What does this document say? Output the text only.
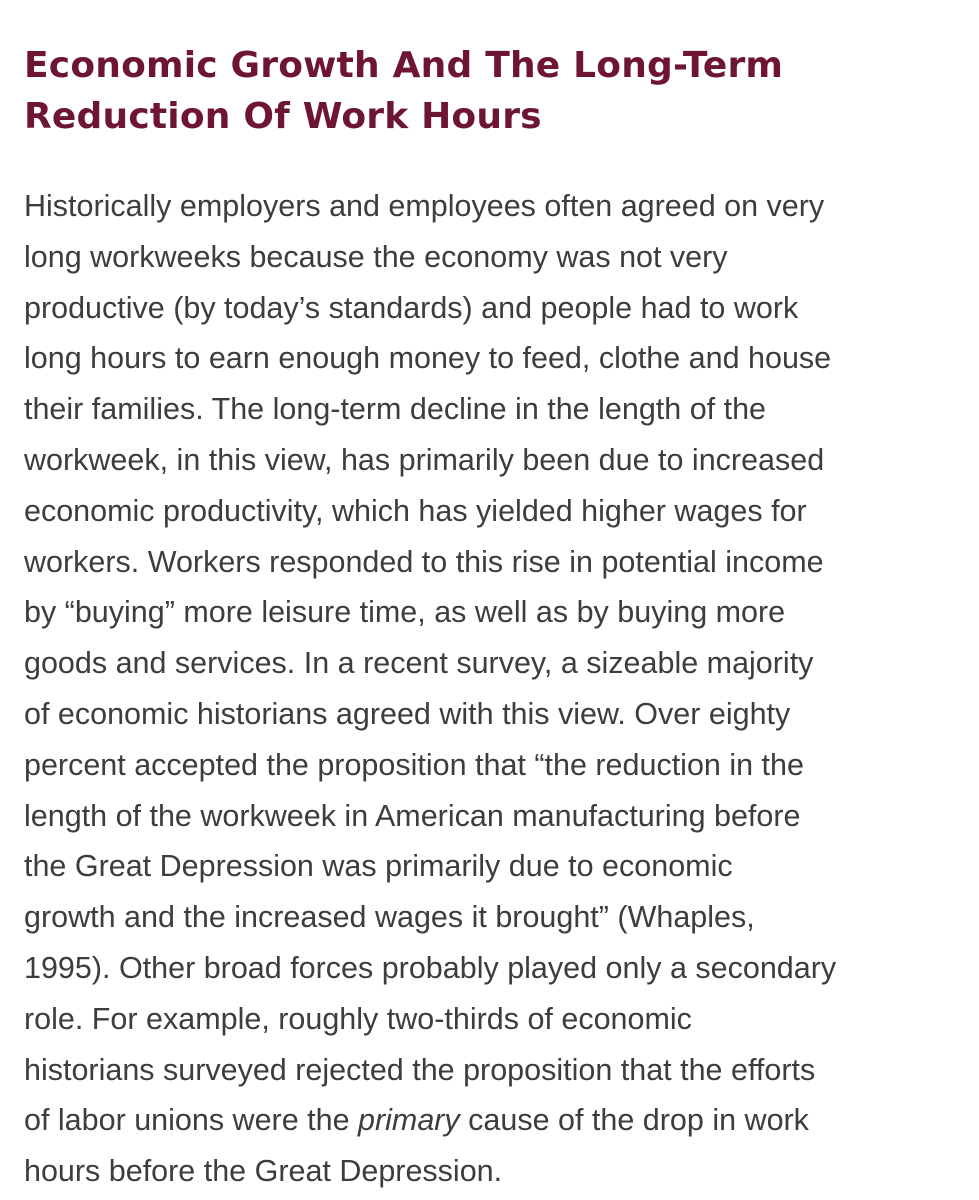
Economic Growth And The Long-Term
Reduction Of Work Hours

Historically employers and employees often agreed on very
long workweeks because the economy was not very
productive (by today’s standards) and people had to work
long hours to earn enough money to feed, clothe and house
their families. The long-term decline in the length of the
workweek, in this view, has primarily been due to increased
economic productivity, which has yielded higher wages for
workers. Workers responded to this rise in potential income
by “buying” more leisure time, as well as by buying more
goods and services. In a recent survey, a sizeable majority
of economic historians agreed with this view. Over eighty
percent accepted the proposition that “the reduction in the
length of the workweek in American manufacturing before
the Great Depression was primarily due to economic
growth and the increased wages it brought” (Whaples,
1995). Other broad forces probably played only a secondary
role. For example, roughly two-thirds of economic
historians surveyed rejected the proposition that the efforts
of labor unions were the primary cause of the drop in work
hours before the Great Depression.
